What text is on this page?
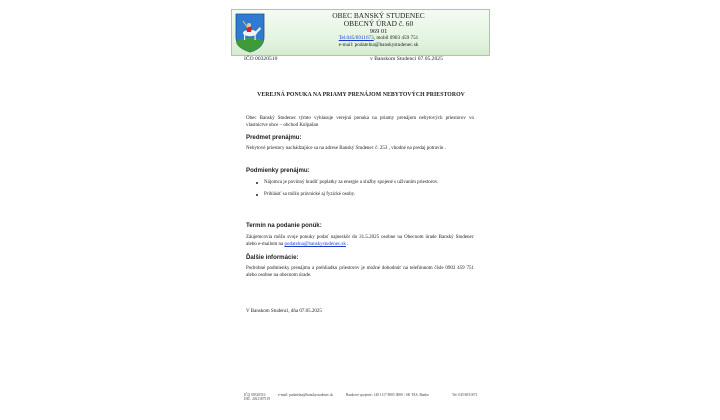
OBEC BANSKÝ STUDENEC
OBECNÝ ÚRAD č. 60
969 01
Tel.045/6911673, mobil 0903 459 751
e-mail: podatelna@banskystudenec.sk
IČO 00320510	v Banskom Studenci 07.05.2025
VEREJNÁ PONUKA NA PRIAMY PRENÁJOM NEBYTOVÝCH PRIESTOROV
Obec Banský Studenec týmto vyhlasuje verejnú ponuka na priamy prenájom nebytových priestorov vo vlastníctve obce – obchod Kolpašan
Predmet prenájmu:
Nebytové priestory nachádzajúce sa na adrese Banský Studenec č. 253 , vhodné na predaj potravín .
Podmienky prenájmu:
Nájomca je povinný hradiť poplatky za energie a služby spojené s užívaním priestorov.
Prihlásiť sa môžu právnické aj fyzické osoby.
Termín na podanie ponúk:
Záujemcovia môžu svoje ponuky podať najneskôr do 31.5.2025 osobne na Obecnom úrade Banský Studenec alebo e-mailom na podatelna@banskystudenec.sk .
Ďalšie informácie:
Podrobné podmienky prenájmu a prehliadku priestorov je možné dohodnúť na telefónnom čísle 0903 459 751 alebo osobne na obecnom úrade.
V Banskom Studenci, dňa 07.05.2025
IČO 00320510
DIČ: 2021187519
e-mail: podatelna@banskystudenec.sk	Bankové spojenie: 140 1117 8005 0000 / SK TAS, Banka	Tel: 045/6911673
